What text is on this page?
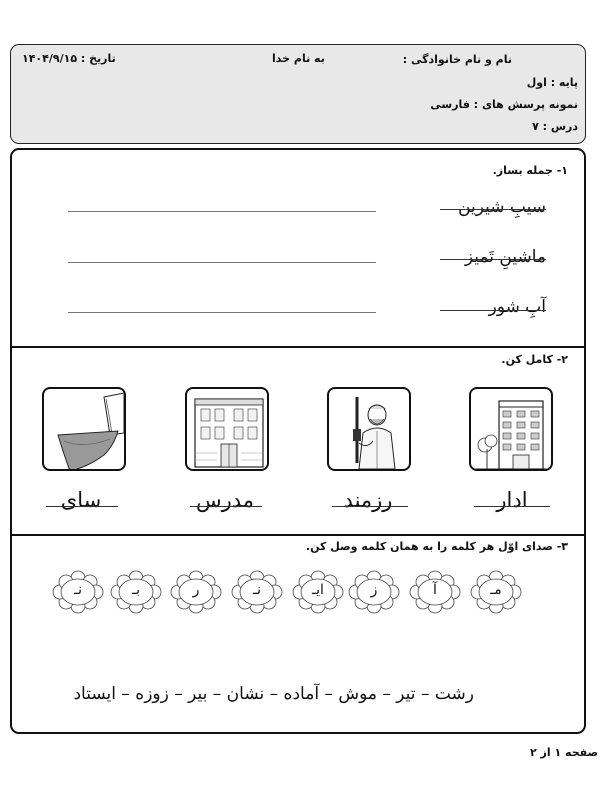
تاریخ : ۱۴۰۴/۹/۱۵	به نام خدا	نام و نام خانوادگی :
پایه : اول
نمونه پرسش های : فارسی
درس : ۷
۱- جمله بساز.
سیبِ شیرین
ماشینِ تَمیز
آبِ شور
۲- کامل کن.
ادار
رزمند
مدرس
سای
۳- صدای اوّل هر کلمه را به همان کلمه وصل کن.
مـ
آ
ز
ایـ
نـ
ر
بـ
نـ
رشت – تیر – موش – آماده – نشان – بیر – زوزه – ایستاد
صفحه ۱ از ۲
